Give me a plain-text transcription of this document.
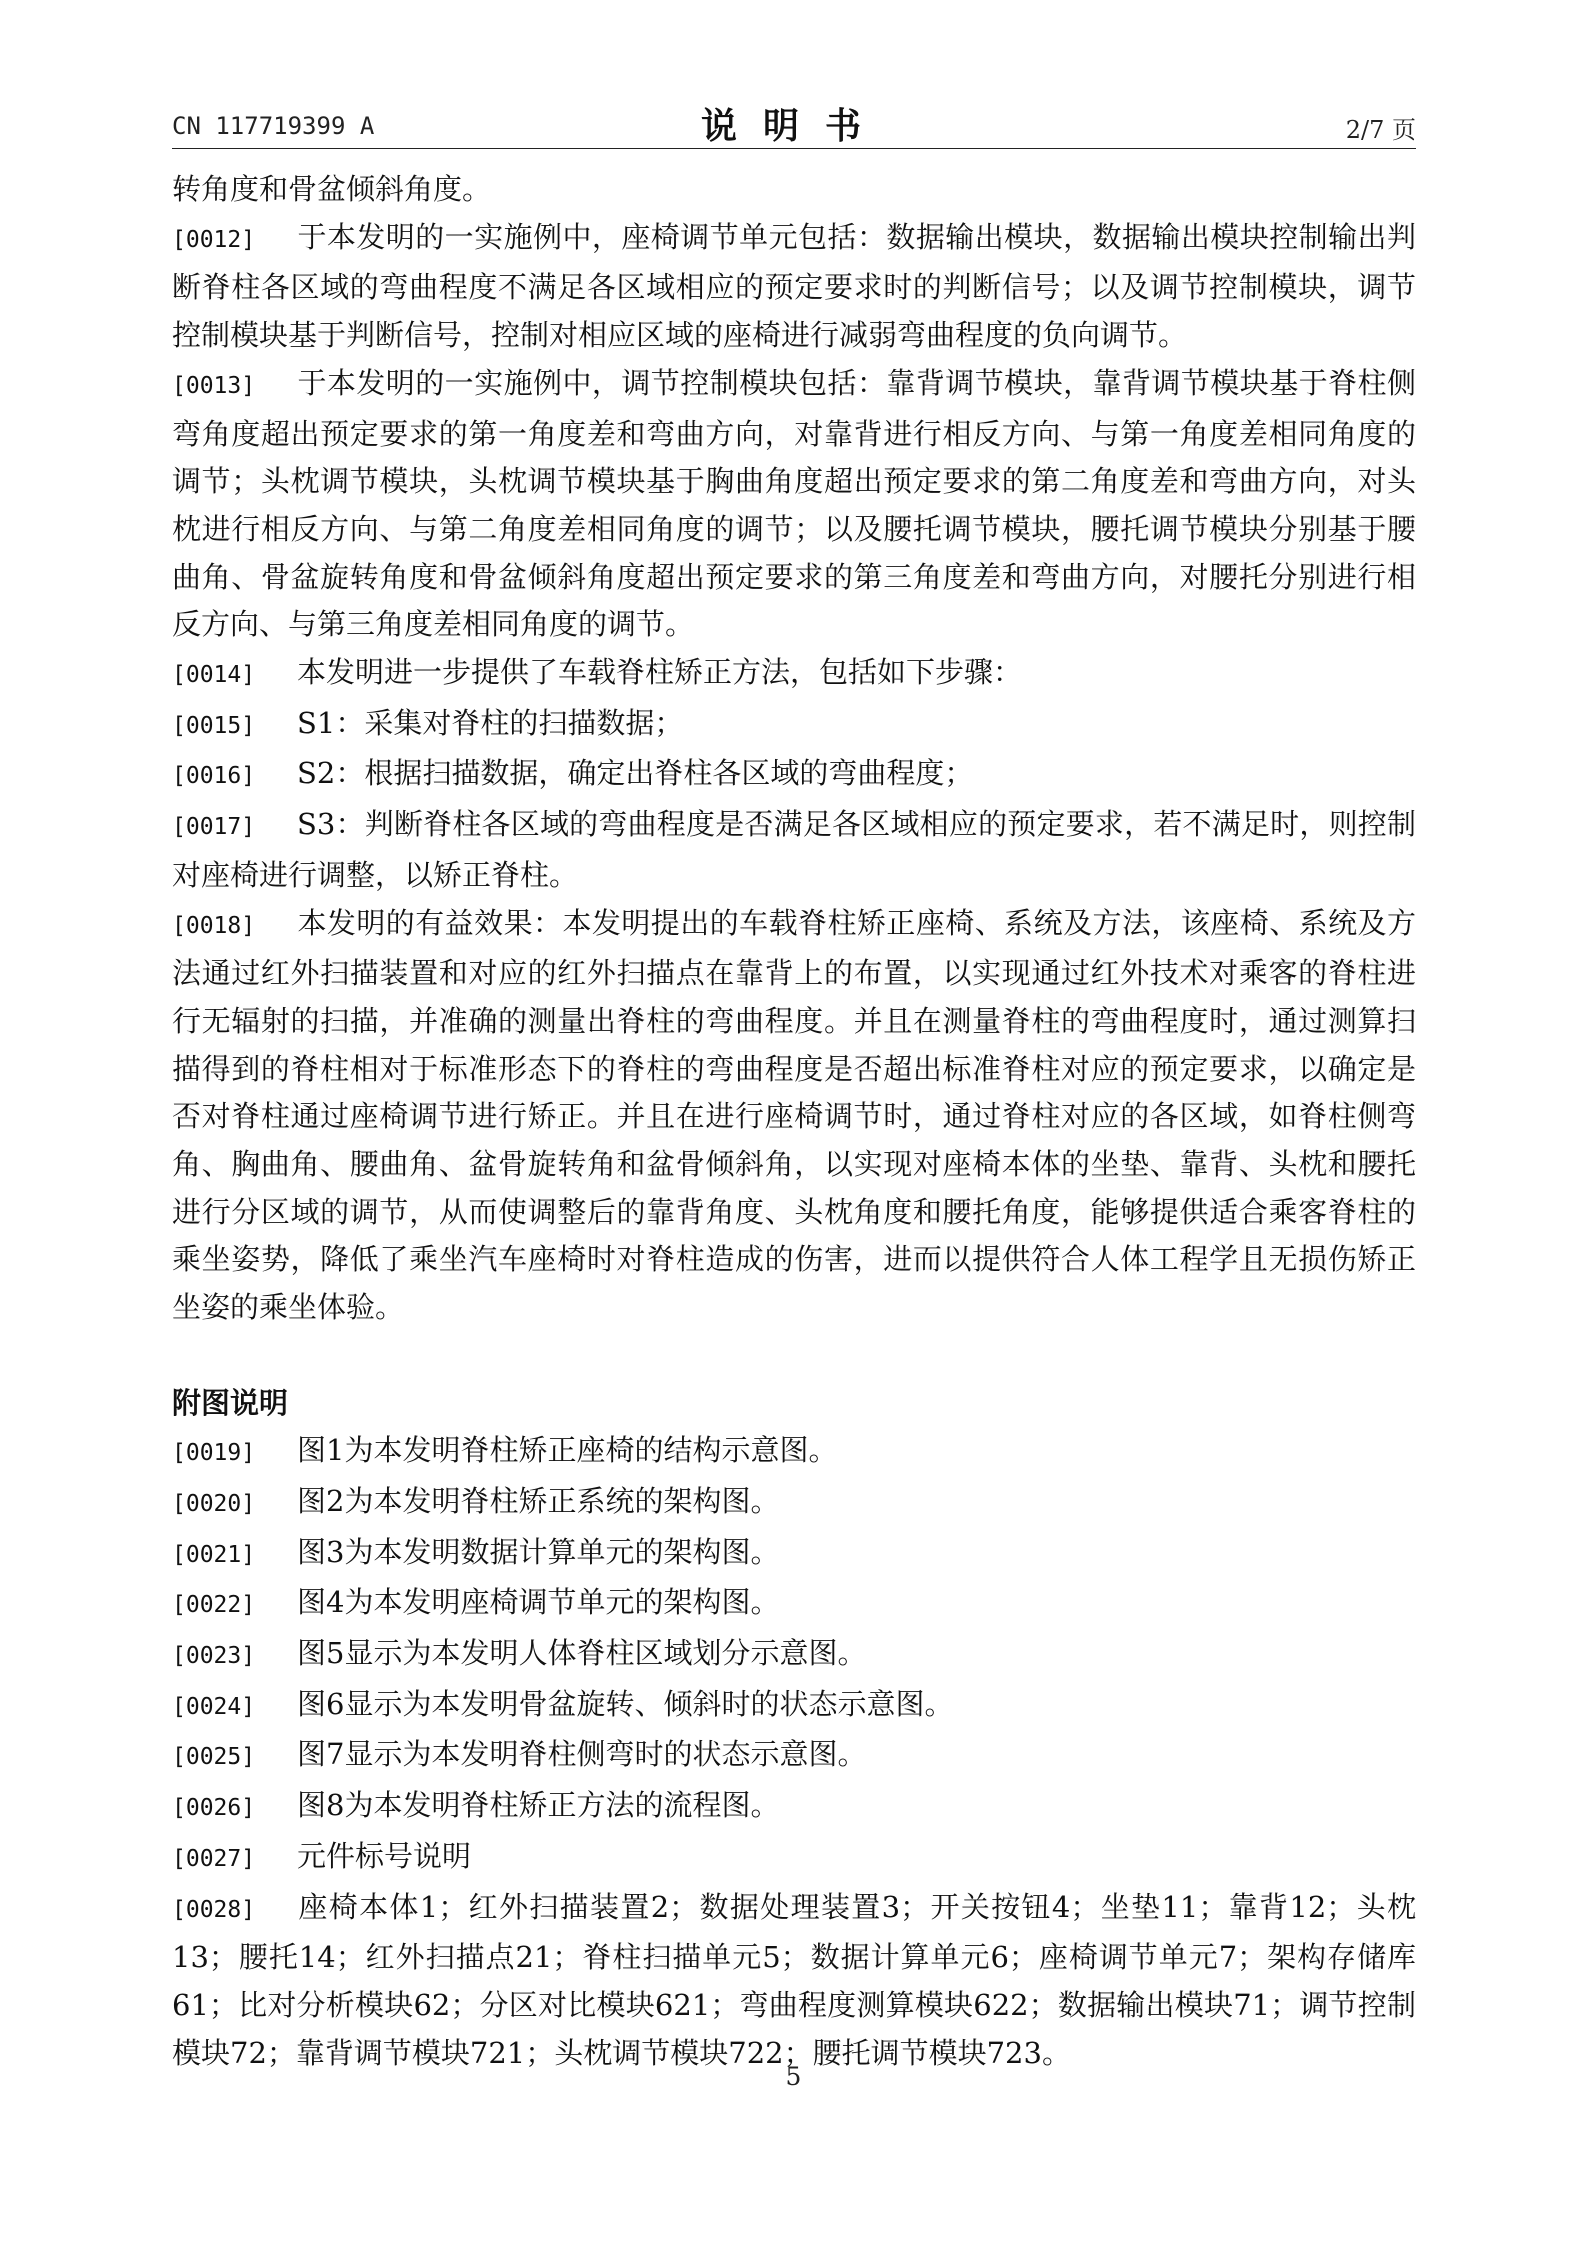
CN 117719399 A	说明书	2/7 页

转角度和骨盆倾斜角度。

[0012] 于本发明的一实施例中，座椅调节单元包括：数据输出模块，数据输出模块控制输出判断脊柱各区域的弯曲程度不满足各区域相应的预定要求时的判断信号；以及调节控制模块，调节控制模块基于判断信号，控制对相应区域的座椅进行减弱弯曲程度的负向调节。

[0013] 于本发明的一实施例中，调节控制模块包括：靠背调节模块，靠背调节模块基于脊柱侧弯角度超出预定要求的第一角度差和弯曲方向，对靠背进行相反方向、与第一角度差相同角度的调节；头枕调节模块，头枕调节模块基于胸曲角度超出预定要求的第二角度差和弯曲方向，对头枕进行相反方向、与第二角度差相同角度的调节；以及腰托调节模块，腰托调节模块分别基于腰曲角、骨盆旋转角度和骨盆倾斜角度超出预定要求的第三角度差和弯曲方向，对腰托分别进行相反方向、与第三角度差相同角度的调节。

[0014] 本发明进一步提供了车载脊柱矫正方法，包括如下步骤：

[0015] S1：采集对脊柱的扫描数据；

[0016] S2：根据扫描数据，确定出脊柱各区域的弯曲程度；

[0017] S3：判断脊柱各区域的弯曲程度是否满足各区域相应的预定要求，若不满足时，则控制对座椅进行调整，以矫正脊柱。

[0018] 本发明的有益效果：本发明提出的车载脊柱矫正座椅、系统及方法，该座椅、系统及方法通过红外扫描装置和对应的红外扫描点在靠背上的布置，以实现通过红外技术对乘客的脊柱进行无辐射的扫描，并准确的测量出脊柱的弯曲程度。并且在测量脊柱的弯曲程度时，通过测算扫描得到的脊柱相对于标准形态下的脊柱的弯曲程度是否超出标准脊柱对应的预定要求，以确定是否对脊柱通过座椅调节进行矫正。并且在进行座椅调节时，通过脊柱对应的各区域，如脊柱侧弯角、胸曲角、腰曲角、盆骨旋转角和盆骨倾斜角，以实现对座椅本体的坐垫、靠背、头枕和腰托进行分区域的调节，从而使调整后的靠背角度、头枕角度和腰托角度，能够提供适合乘客脊柱的乘坐姿势，降低了乘坐汽车座椅时对脊柱造成的伤害，进而以提供符合人体工程学且无损伤矫正坐姿的乘坐体验。

附图说明

[0019] 图1为本发明脊柱矫正座椅的结构示意图。

[0020] 图2为本发明脊柱矫正系统的架构图。

[0021] 图3为本发明数据计算单元的架构图。

[0022] 图4为本发明座椅调节单元的架构图。

[0023] 图5显示为本发明人体脊柱区域划分示意图。

[0024] 图6显示为本发明骨盆旋转、倾斜时的状态示意图。

[0025] 图7显示为本发明脊柱侧弯时的状态示意图。

[0026] 图8为本发明脊柱矫正方法的流程图。

[0027] 元件标号说明

[0028] 座椅本体1；红外扫描装置2；数据处理装置3；开关按钮4；坐垫11；靠背12；头枕13；腰托14；红外扫描点21；脊柱扫描单元5；数据计算单元6；座椅调节单元7；架构存储库61；比对分析模块62；分区对比模块621；弯曲程度测算模块622；数据输出模块71；调节控制模块72；靠背调节模块721；头枕调节模块722；腰托调节模块723。

5
